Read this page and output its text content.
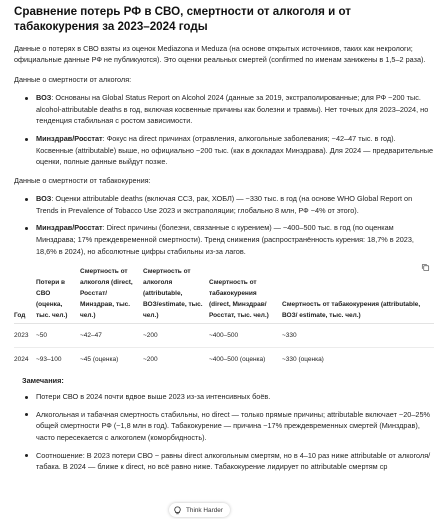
Сравнение потерь РФ в СВО, смертности от алкоголя и от табакокурения за 2023–2024 годы

Данные о потерях в СВО взяты из оценок Mediazona и Meduza (на основе открытых источников, таких как некрологи; официальные данные РФ не публикуются). Это оценки реальных смертей (confirmed по именам занижены в 1,5–2 раза).

Данные о смертности от алкоголя:

ВОЗ: Основаны на Global Status Report on Alcohol 2024 (данные за 2019, экстраполированные; для РФ ~200 тыс. alcohol-attributable deaths в год, включая косвенные причины как болезни и травмы). Нет точных для 2023–2024, но тенденция стабильная с ростом зависимости.
Минздрав/Росстат: Фокус на direct причинах (отравления, алкогольные заболевания; ~42–47 тыс. в год). Косвенные (attributable) выше, но официально ~200 тыс. (как в докладах Минздрава). Для 2024 — предварительные оценки, полные данные выйдут позже.

Данные о смертности от табакокурения:

ВОЗ: Оценки attributable deaths (включая ССЗ, рак, ХОБЛ) — ~330 тыс. в год (на основе WHO Global Report on Trends in Prevalence of Tobacco Use 2023 и экстраполяции; глобально 8 млн, РФ ~4% от этого).
Минздрав/Росстат: Direct причины (болезни, связанные с курением) — ~400–500 тыс. в год (по оценкам Минздрава; 17% преждевременной смертности). Тренд снижения (распространённость курения: 18,7% в 2023, 18,6% в 2024), но абсолютные цифры стабильны из-за лагов.
Год	Потери в СВО (оценка, тыс. чел.)	Смертность от алкоголя (direct, Росстат/ Минздрав, тыс. чел.)	Смертность от алкоголя (attributable, ВОЗ/estimate, тыс. чел.)	Смертность от табакокурения (direct, Минздрав/ Росстат, тыс. чел.)	Смертность от табакокурения (attributable, ВОЗ/ estimate, тыс. чел.)
2023	~50	~42–47	~200	~400–500	~330
2024	~93–100	~45 (оценка)	~200	~400–500 (оценка)	~330 (оценка)

Замечания:

Потери СВО в 2024 почти вдвое выше 2023 из-за интенсивных боёв.
Алкогольная и табачная смертность стабильны, но direct — только прямые причины; attributable включает ~20–25% общей смертности РФ (~1,8 млн в год). Табакокурение — причина ~17% преждевременных смертей (Минздрав), часто пересекается с алкоголем (коморбидность).
Соотношение: В 2023 потери СВО ~ равны direct алкогольным смертям, но в 4–10 раз ниже attributable от алкоголя/табака. В 2024 — ближе к direct, но всё равно ниже. Табакокурение лидирует по attributable смертям ср
Think Harder
